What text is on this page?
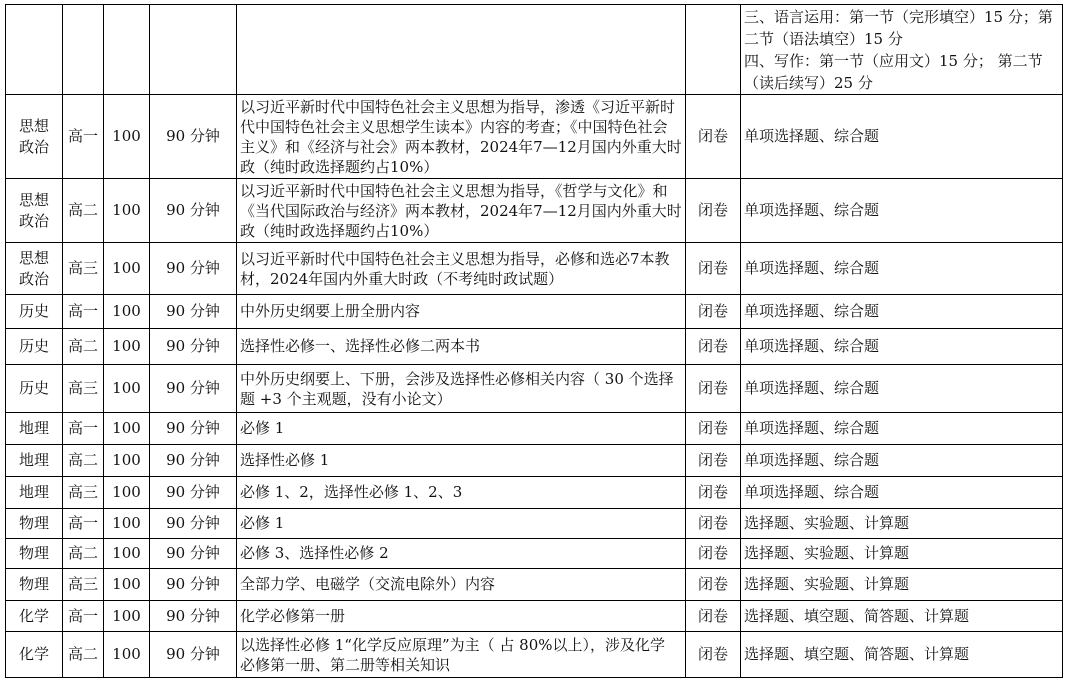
						三、语言运用：第一节（完形填空）15 分；第二节（语法填空）15 分
四、写作：第一节（应用文）15 分； 第二节（读后续写）25 分
思想政治	高一	100	90 分钟	以习近平新时代中国特色社会主义思想为指导，渗透《习近平新时代中国特色社会主义思想学生读本》内容的考查；《中国特色社会主义》和《经济与社会》两本教材，2024年7—12月国内外重大时政（纯时政选择题约占10%）	闭卷	单项选择题、综合题
思想政治	高二	100	90 分钟	以习近平新时代中国特色社会主义思想为指导，《哲学与文化》和《当代国际政治与经济》两本教材，2024年7—12月国内外重大时政（纯时政选择题约占10%）	闭卷	单项选择题、综合题
思想政治	高三	100	90 分钟	以习近平新时代中国特色社会主义思想为指导，必修和选必7本教材，2024年国内外重大时政（不考纯时政试题）	闭卷	单项选择题、综合题
历史	高一	100	90 分钟	中外历史纲要上册全册内容	闭卷	单项选择题、综合题
历史	高二	100	90 分钟	选择性必修一、选择性必修二两本书	闭卷	单项选择题、综合题
历史	高三	100	90 分钟	中外历史纲要上、下册，会涉及选择性必修相关内容（ 30 个选择题 +3 个主观题，没有小论文）	闭卷	单项选择题、综合题
地理	高一	100	90 分钟	必修 1	闭卷	单项选择题、综合题
地理	高二	100	90 分钟	选择性必修 1	闭卷	单项选择题、综合题
地理	高三	100	90 分钟	必修 1、2，选择性必修 1、2、3	闭卷	单项选择题、综合题
物理	高一	100	90 分钟	必修 1	闭卷	选择题、实验题、计算题
物理	高二	100	90 分钟	必修 3、选择性必修 2	闭卷	选择题、实验题、计算题
物理	高三	100	90 分钟	全部力学、电磁学（交流电除外）内容	闭卷	选择题、实验题、计算题
化学	高一	100	90 分钟	化学必修第一册	闭卷	选择题、填空题、简答题、计算题
化学	高二	100	90 分钟	以选择性必修 1“化学反应原理”为主（ 占 80%以上），涉及化学 必修第一册、第二册等相关知识	闭卷	选择题、填空题、简答题、计算题
